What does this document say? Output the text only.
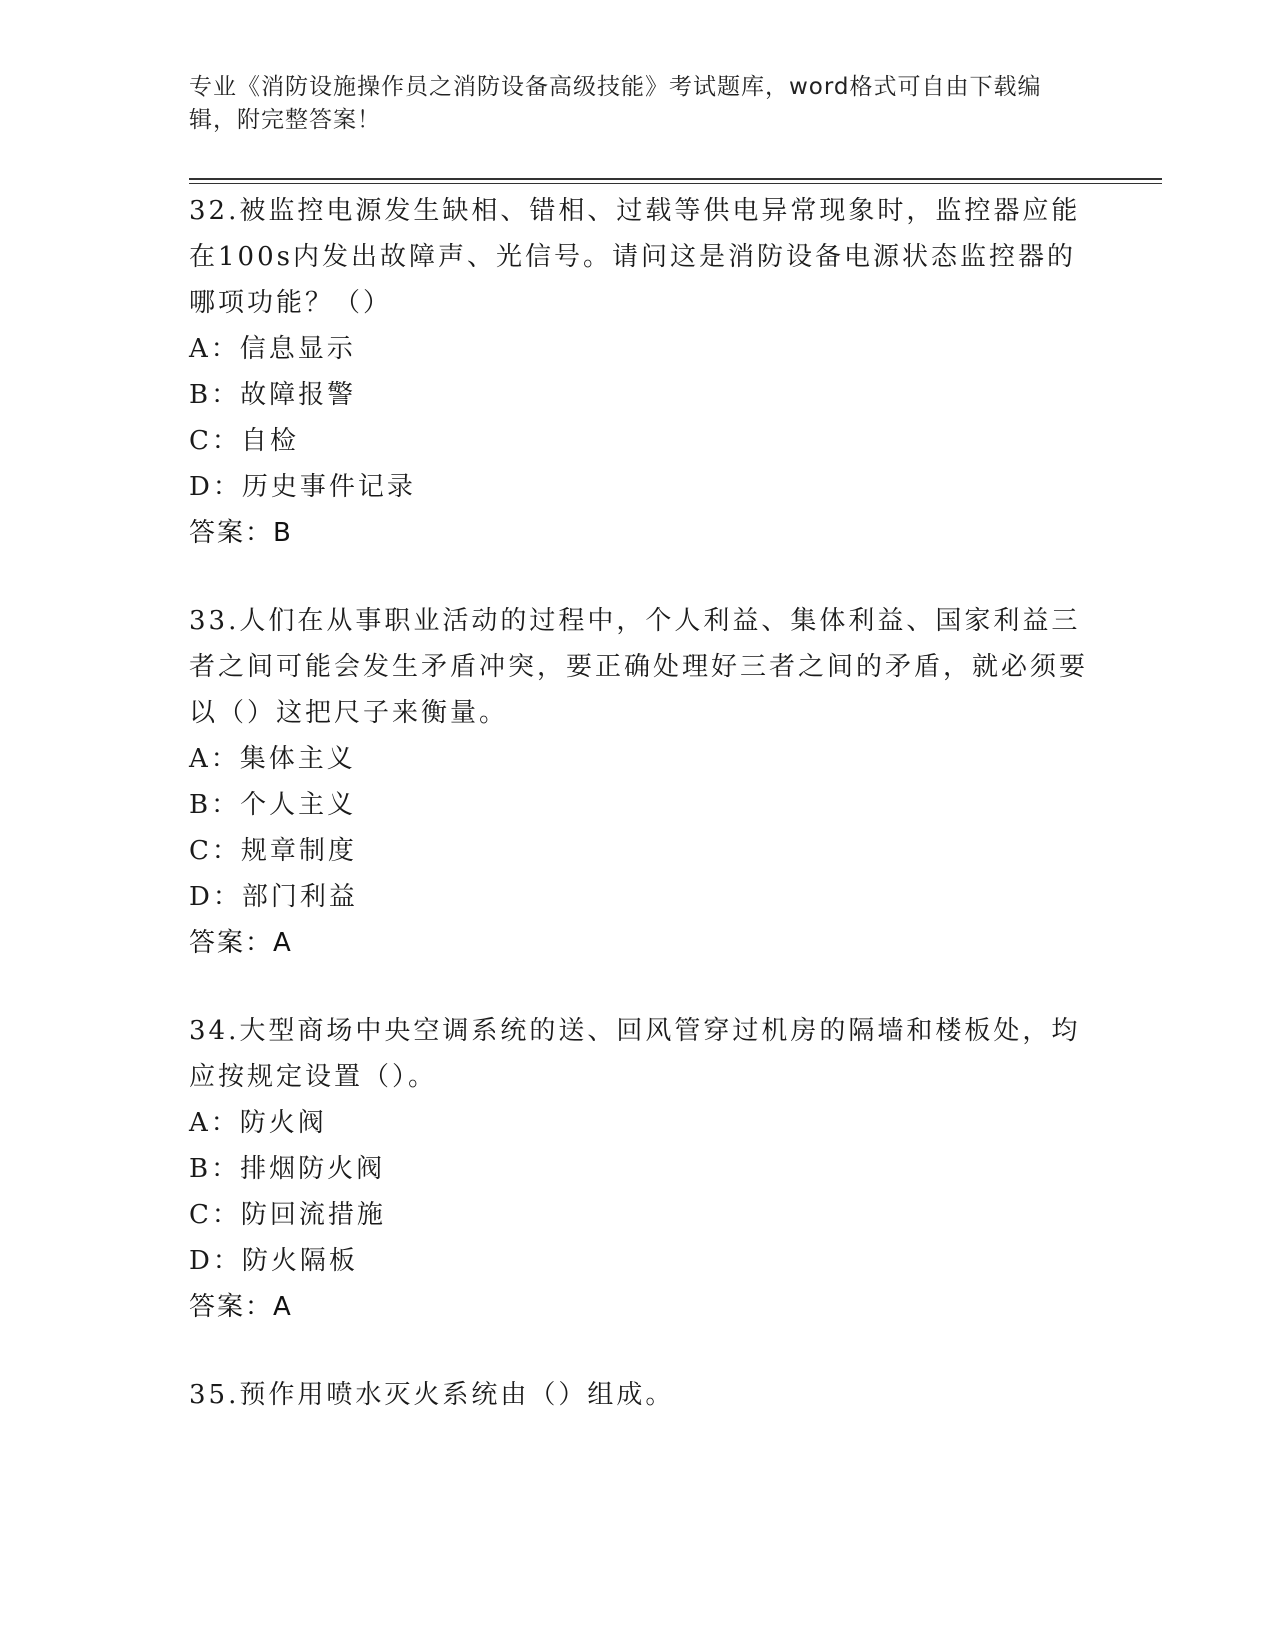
专业《消防设施操作员之消防设备高级技能》考试题库，word格式可自由下载编辑，附完整答案！

32.被监控电源发生缺相、错相、过载等供电异常现象时，监控器应能在100s内发出故障声、光信号。请问这是消防设备电源状态监控器的哪项功能？（）

A：信息显示

B：故障报警

C：自检

D：历史事件记录

答案：B

33.人们在从事职业活动的过程中，个人利益、集体利益、国家利益三者之间可能会发生矛盾冲突，要正确处理好三者之间的矛盾，就必须要以（）这把尺子来衡量。

A：集体主义

B：个人主义

C：规章制度

D：部门利益

答案：A

34.大型商场中央空调系统的送、回风管穿过机房的隔墙和楼板处，均应按规定设置（）。

A：防火阀

B：排烟防火阀

C：防回流措施

D：防火隔板

答案：A

35.预作用喷水灭火系统由（）组成。
